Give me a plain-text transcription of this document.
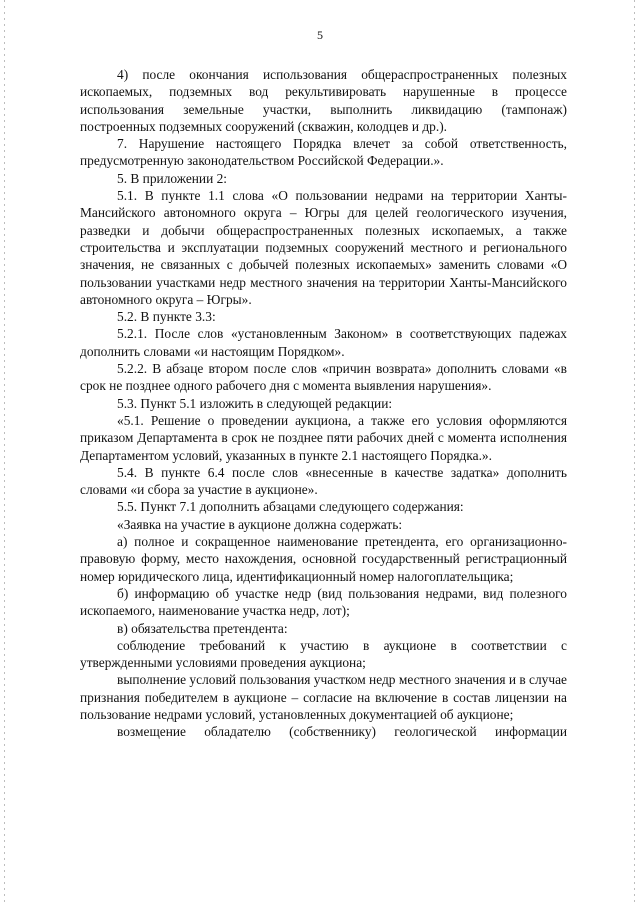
5

4) после окончания использования общераспространенных полезных ископаемых, подземных вод рекультивировать нарушенные в процессе использования земельные участки, выполнить ликвидацию (тампонаж) построенных подземных сооружений (скважин, колодцев и др.).

7. Нарушение настоящего Порядка влечет за собой ответственность, предусмотренную законодательством Российской Федерации.».

5. В приложении 2:

5.1. В пункте 1.1 слова «О пользовании недрами на территории Ханты-Мансийского автономного округа – Югры для целей геологического изучения, разведки и добычи общераспространенных полезных ископаемых, а также строительства и эксплуатации подземных сооружений местного и регионального значения, не связанных с добычей полезных ископаемых» заменить словами «О пользовании участками недр местного значения на территории Ханты-Мансийского автономного округа – Югры».

5.2. В пункте 3.3:

5.2.1. После слов «установленным Законом» в соответствующих падежах дополнить словами «и настоящим Порядком».

5.2.2. В абзаце втором после слов «причин возврата» дополнить словами «в срок не позднее одного рабочего дня с момента выявления нарушения».

5.3. Пункт 5.1 изложить в следующей редакции:

«5.1. Решение о проведении аукциона, а также его условия оформляются приказом Департамента в срок не позднее пяти рабочих дней с момента исполнения Департаментом условий, указанных в пункте 2.1 настоящего Порядка.».

5.4. В пункте 6.4 после слов «внесенные в качестве задатка» дополнить словами «и сбора за участие в аукционе».

5.5. Пункт 7.1 дополнить абзацами следующего содержания:

«Заявка на участие в аукционе должна содержать:

а) полное и сокращенное наименование претендента, его организационно-правовую форму, место нахождения, основной государственный регистрационный номер юридического лица, идентификационный номер налогоплательщика;

б) информацию об участке недр (вид пользования недрами, вид полезного ископаемого, наименование участка недр, лот);

в) обязательства претендента:

соблюдение требований к участию в аукционе в соответствии с утвержденными условиями проведения аукциона;

выполнение условий пользования участком недр местного значения и в случае признания победителем в аукционе – согласие на включение в состав лицензии на пользование недрами условий, установленных документацией об аукционе;

возмещение обладателю (собственнику) геологической информации
